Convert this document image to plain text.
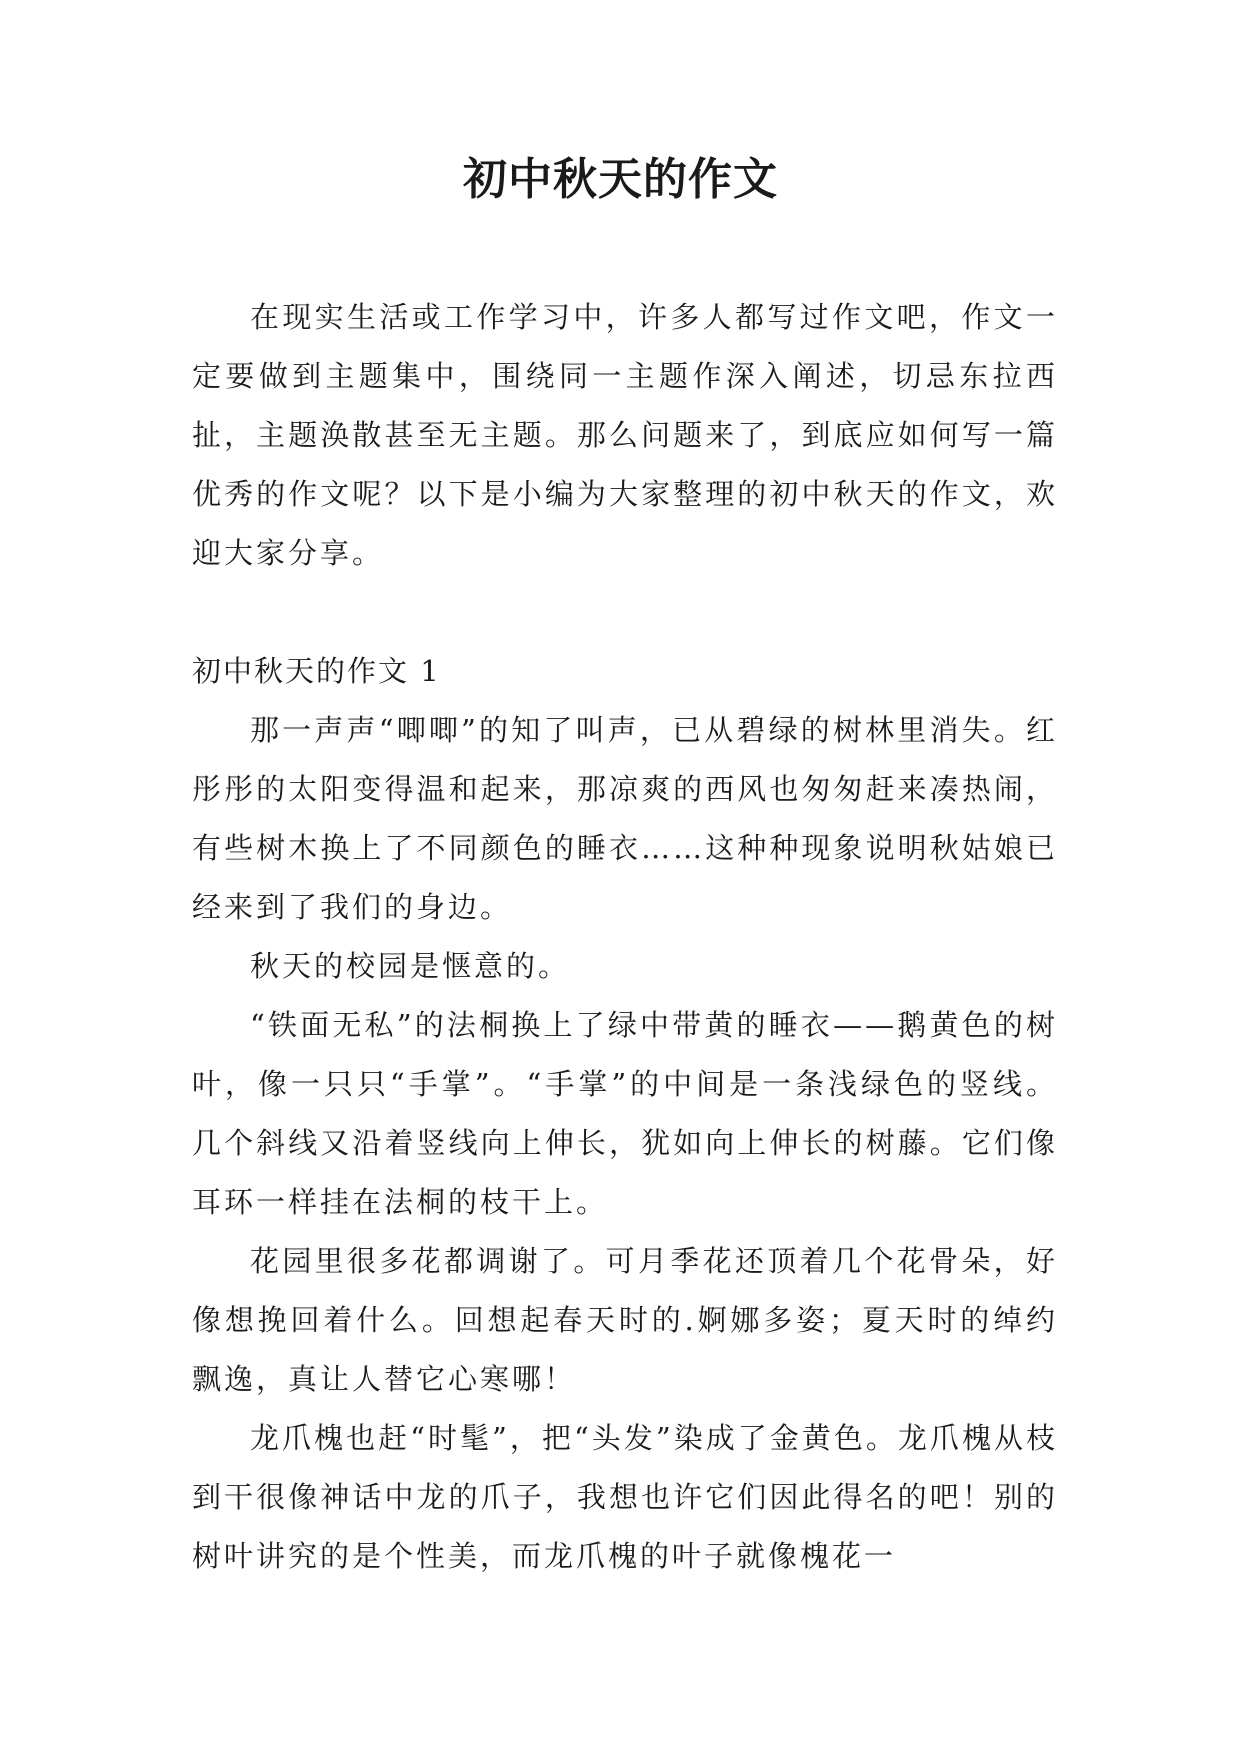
初中秋天的作文

在现实生活或工作学习中，许多人都写过作文吧，作文一定要做到主题集中，围绕同一主题作深入阐述，切忌东拉西扯，主题涣散甚至无主题。那么问题来了，到底应如何写一篇优秀的作文呢？以下是小编为大家整理的初中秋天的作文，欢迎大家分享。

初中秋天的作文 1

那一声声“唧唧”的知了叫声，已从碧绿的树林里消失。红彤彤的太阳变得温和起来，那凉爽的西风也匆匆赶来凑热闹，有些树木换上了不同颜色的睡衣……这种种现象说明秋姑娘已经来到了我们的身边。

秋天的校园是惬意的。

“铁面无私”的法桐换上了绿中带黄的睡衣——鹅黄色的树叶，像一只只“手掌”。“手掌”的中间是一条浅绿色的竖线。几个斜线又沿着竖线向上伸长，犹如向上伸长的树藤。它们像耳环一样挂在法桐的枝干上。

花园里很多花都调谢了。可月季花还顶着几个花骨朵，好像想挽回着什么。回想起春天时的.婀娜多姿；夏天时的绰约飘逸，真让人替它心寒哪！

龙爪槐也赶“时髦”，把“头发”染成了金黄色。龙爪槐从枝到干很像神话中龙的爪子，我想也许它们因此得名的吧！别的树叶讲究的是个性美，而龙爪槐的叶子就像槐花一
